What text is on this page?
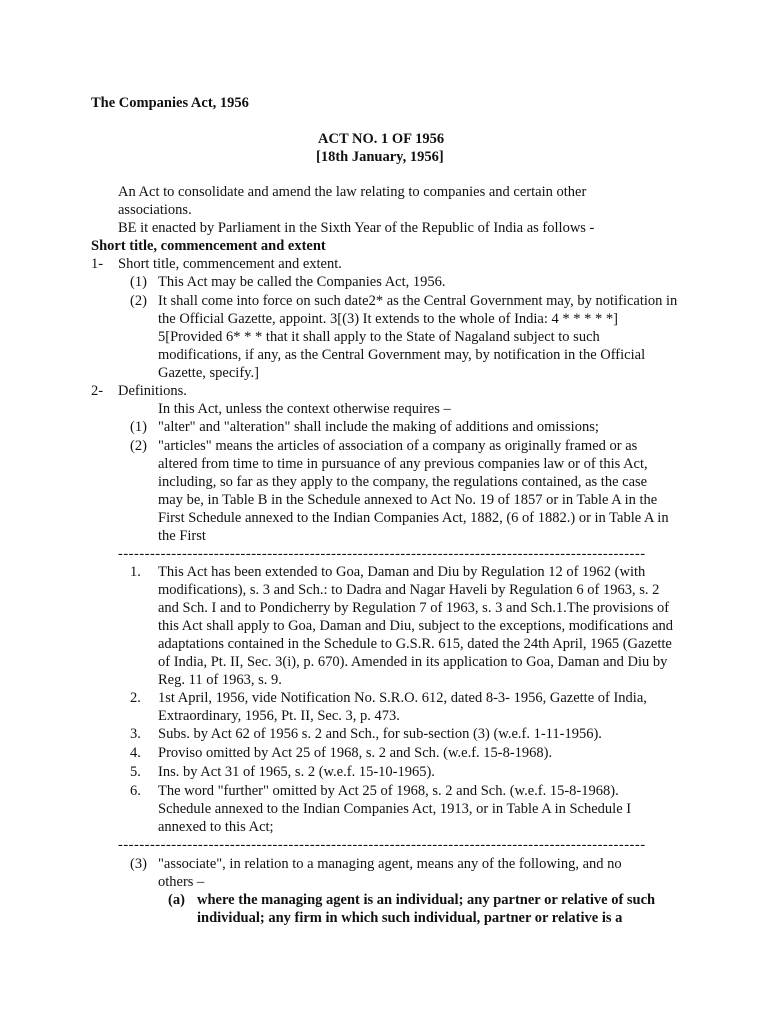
The Companies Act, 1956
ACT NO. 1 OF 1956
[18th January, 1956]
An Act to consolidate and amend the law relating to companies and certain other associations.
BE it enacted by Parliament in the Sixth Year of the Republic of India as follows -
Short title, commencement and extent
1- Short title, commencement and extent.
(1) This Act may be called the Companies Act, 1956.
(2) It shall come into force on such date2* as the Central Government may, by notification in the Official Gazette, appoint. 3[(3) It extends to the whole of India: 4 * * * * *] 5[Provided 6* * * that it shall apply to the State of Nagaland subject to such modifications, if any, as the Central Government may, by notification in the Official Gazette, specify.]
2- Definitions.
In this Act, unless the context otherwise requires –
(1) "alter" and "alteration" shall include the making of additions and omissions;
(2) "articles" means the articles of association of a company as originally framed or as altered from time to time in pursuance of any previous companies law or of this Act, including, so far as they apply to the company, the regulations contained, as the case may be, in Table B in the Schedule annexed to Act No. 19 of 1857 or in Table A in the First Schedule annexed to the Indian Companies Act, 1882, (6 of 1882.) or in Table A in the First
---------------------------------------------------------------------------------------------------
1. This Act has been extended to Goa, Daman and Diu by Regulation 12 of 1962 (with modifications), s. 3 and Sch.: to Dadra and Nagar Haveli by Regulation 6 of 1963, s. 2 and Sch. I and to Pondicherry by Regulation 7 of 1963, s. 3 and Sch.1.The provisions of this Act shall apply to Goa, Daman and Diu, subject to the exceptions, modifications and adaptations contained in the Schedule to G.S.R. 615, dated the 24th April, 1965 (Gazette of India, Pt. II, Sec. 3(i), p. 670). Amended in its application to Goa, Daman and Diu by Reg. 11 of 1963, s. 9.
2. 1st April, 1956, vide Notification No. S.R.O. 612, dated 8-3- 1956, Gazette of India, Extraordinary, 1956, Pt. II, Sec. 3, p. 473.
3. Subs. by Act 62 of 1956 s. 2 and Sch., for sub-section (3) (w.e.f. 1-11-1956).
4. Proviso omitted by Act 25 of 1968, s. 2 and Sch. (w.e.f. 15-8-1968).
5. Ins. by Act 31 of 1965, s. 2 (w.e.f. 15-10-1965).
6. The word "further" omitted by Act 25 of 1968, s. 2 and Sch. (w.e.f. 15-8-1968). Schedule annexed to the Indian Companies Act, 1913, or in Table A in Schedule I annexed to this Act;
---------------------------------------------------------------------------------------------------
(3) "associate", in relation to a managing agent, means any of the following, and no others –
(a) where the managing agent is an individual; any partner or relative of such individual; any firm in which such individual, partner or relative is a
